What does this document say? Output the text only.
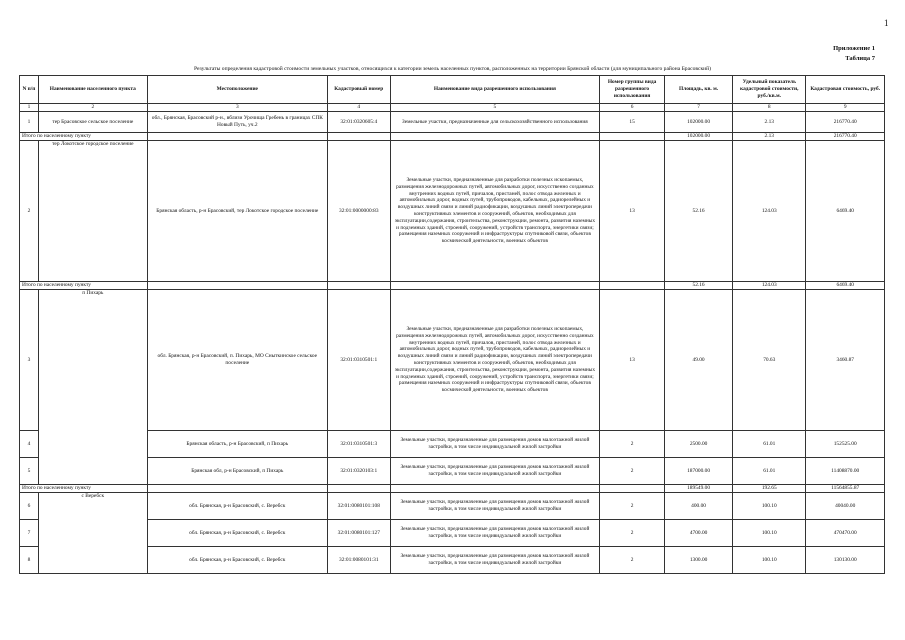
1
Приложение 1
Таблица 7
Результаты определения кадастровой стоимости земельных участков, относящихся к категории земель населенных пунктов, расположенных на территории Брянской области (для муниципального района Брасовский)
N п/п	Наименование населенного пункта	Местоположение	Кадастровый номер	Наименование вида разрешенного использования	Номер группы вида разрешенного использования	Площадь, кв. м.	Удельный показатель кадастровой стоимости, руб./кв.м.	Кадастровая стоимость, руб.
1	2	3	4	5	6	7	8	9
1	тер Брасовское сельское поселение	обл., Брянская, Брасовский р-н., вблизи Урочища Гребень в границах СПК Новый Путь, уч.2	32:01:0320605:4	Земельные участки, предназначенные для сельскохозяйственного использования	15	102000.00	2.13	216770.40
Итого по населенному пункту						102000.00	2.13	216770.40
2	тер Локотское городское поселение	Брянская область, р-н Брасовский, тер Локотское городское поселение	32:01:0000000:83	Земельные участки, предназначенные для разработки полезных ископаемых, размещения железнодорожных путей, автомобильных дорог, искусственно созданных внутренних водных путей, причалов, пристаней, полос отвода железных и автомобильных дорог, водных путей, трубопроводов, кабельных, радиорелейных и воздушных линий связи и линий радиофикации, воздушных линий электропередачи конструктивных элементов и сооружений, объектов, необходимых для эксплуатации,содержания, строительства, реконструкции, ремонта, развития наземных и подземных зданий, строений, сооружений, устройств транспорта, энергетики связи; размещения наземных сооружений и инфраструктуры спутниковой связи, объектов космической деятельности, военных объектов	13	52.16	124.03	6469.40
Итого по населенному пункту						52.16	124.03	6469.40
3	п Пихарь	обл. Брянская, р-н Брасовский, п. Пихарь, МО Сныткинское сельское поселение	32:01:0310501:1	Земельные участки, предназначенные для разработки полезных ископаемых, размещения железнодорожных путей, автомобильных дорог, искусственно созданных внутренних водных путей, причалов, пристаней, полос отвода железных и автомобильных дорог, водных путей, трубопроводов, кабельных, радиорелейных и воздушных линий связи и линий радиофикации, воздушных линий электропередачи конструктивных элементов и сооружений, объектов, необходимых для эксплуатации,содержания, строительства, реконструкции, ремонта, развития наземных и подземных зданий, строений, сооружений, устройств транспорта, энергетики связи; размещения наземных сооружений и инфраструктуры спутниковой связи, объектов космической деятельности, военных объектов	13	49.00	70.63	3460.87
4		Брянская область, р-н Брасовский, п Пихарь	32:01:0310501:3	Земельные участки, предназначенные для размещения домов малоэтажной жилой застройки, в том числе индивидуальной жилой застройки	2	2500.00	61.01	152525.00
5		Брянская обл, р-н Брасовский, п Пихарь	32:01:0320103:1	Земельные участки, предназначенные для размещения домов малоэтажной жилой застройки, в том числе индивидуальной жилой застройки	2	187000.00	61.01	11408870.00
Итого по населенному пункту						189549.00	192.65	11564855.87
6	с Веребск	обл. Брянская, р-н Брасовский, с. Веребск	32:01:0080101:108	Земельные участки, предназначенные для размещения домов малоэтажной жилой застройки, в том числе индивидуальной жилой застройки	2	400.00	100.10	40040.00
7		обл. Брянская, р-н Брасовский, с. Веребск	32:01:0080101:127	Земельные участки, предназначенные для размещения домов малоэтажной жилой застройки, в том числе индивидуальной жилой застройки	2	4700.00	100.10	470470.00
8		обл. Брянская, р-н Брасовский, с. Веребск	32:01:0080101:31	Земельные участки, предназначенные для размещения домов малоэтажной жилой застройки, в том числе индивидуальной жилой застройки	2	1300.00	100.10	130130.00
